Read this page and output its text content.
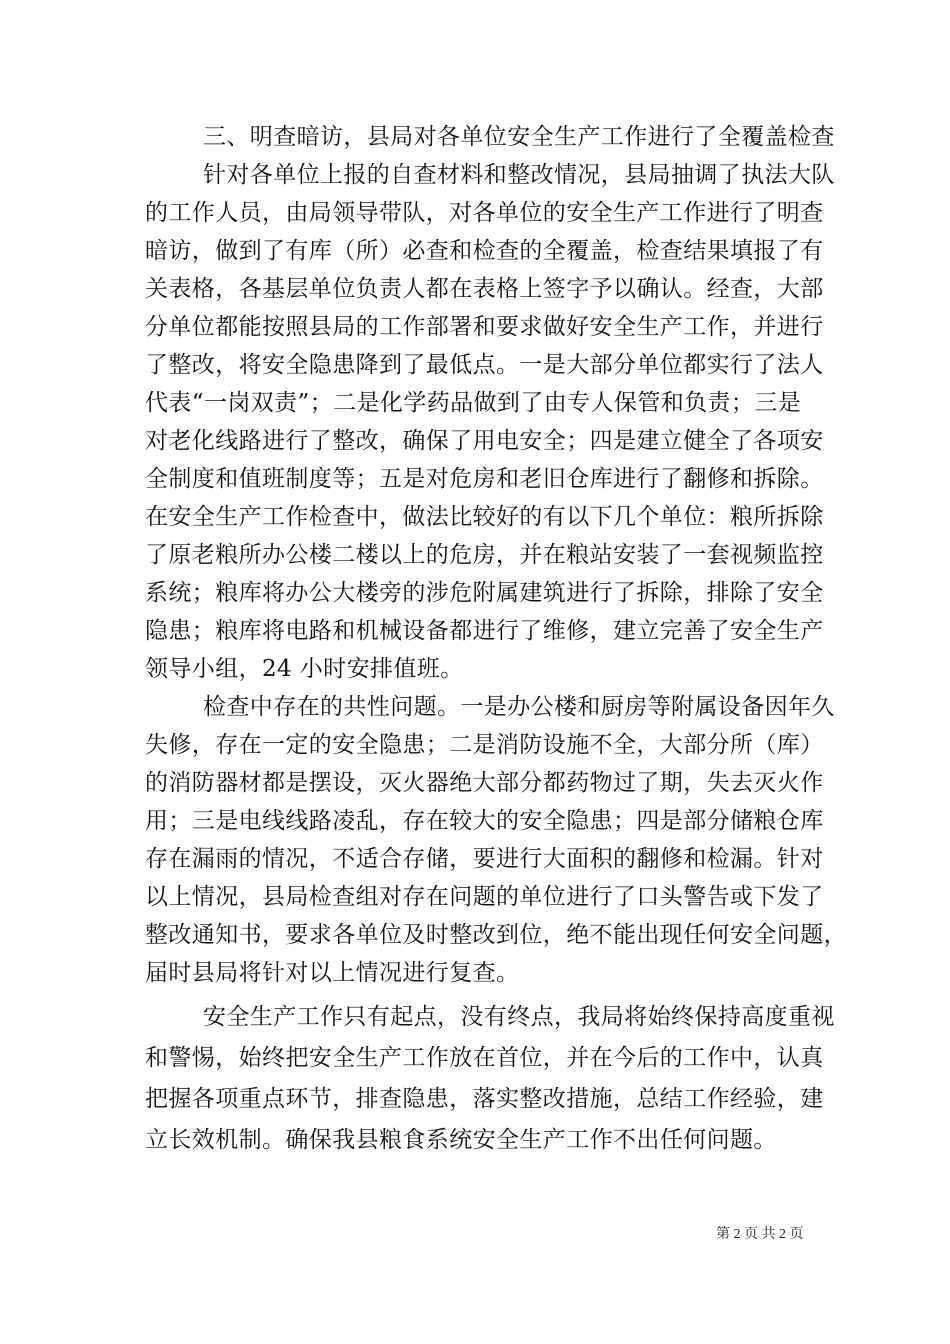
三、明查暗访，县局对各单位安全生产工作进行了全覆盖检查
针对各单位上报的自查材料和整改情况，县局抽调了执法大队
的工作人员，由局领导带队，对各单位的安全生产工作进行了明查
暗访，做到了有库（所）必查和检查的全覆盖，检查结果填报了有
关表格，各基层单位负责人都在表格上签字予以确认。经查，大部
分单位都能按照县局的工作部署和要求做好安全生产工作，并进行
了整改，将安全隐患降到了最低点。一是大部分单位都实行了法人
代表“一岗双责”；二是化学药品做到了由专人保管和负责；三是
对老化线路进行了整改，确保了用电安全；四是建立健全了各项安
全制度和值班制度等；五是对危房和老旧仓库进行了翻修和拆除。
在安全生产工作检查中，做法比较好的有以下几个单位：粮所拆除
了原老粮所办公楼二楼以上的危房，并在粮站安装了一套视频监控
系统；粮库将办公大楼旁的涉危附属建筑进行了拆除，排除了安全
隐患；粮库将电路和机械设备都进行了维修，建立完善了安全生产
领导小组，24 小时安排值班。
检查中存在的共性问题。一是办公楼和厨房等附属设备因年久
失修，存在一定的安全隐患；二是消防设施不全，大部分所（库）
的消防器材都是摆设，灭火器绝大部分都药物过了期，失去灭火作
用；三是电线线路凌乱，存在较大的安全隐患；四是部分储粮仓库
存在漏雨的情况，不适合存储，要进行大面积的翻修和检漏。针对
以上情况，县局检查组对存在问题的单位进行了口头警告或下发了
整改通知书，要求各单位及时整改到位，绝不能出现任何安全问题，
届时县局将针对以上情况进行复查。
安全生产工作只有起点，没有终点，我局将始终保持高度重视
和警惕，始终把安全生产工作放在首位，并在今后的工作中，认真
把握各项重点环节，排查隐患，落实整改措施，总结工作经验，建
立长效机制。确保我县粮食系统安全生产工作不出任何问题。
第 2 页 共 2 页
